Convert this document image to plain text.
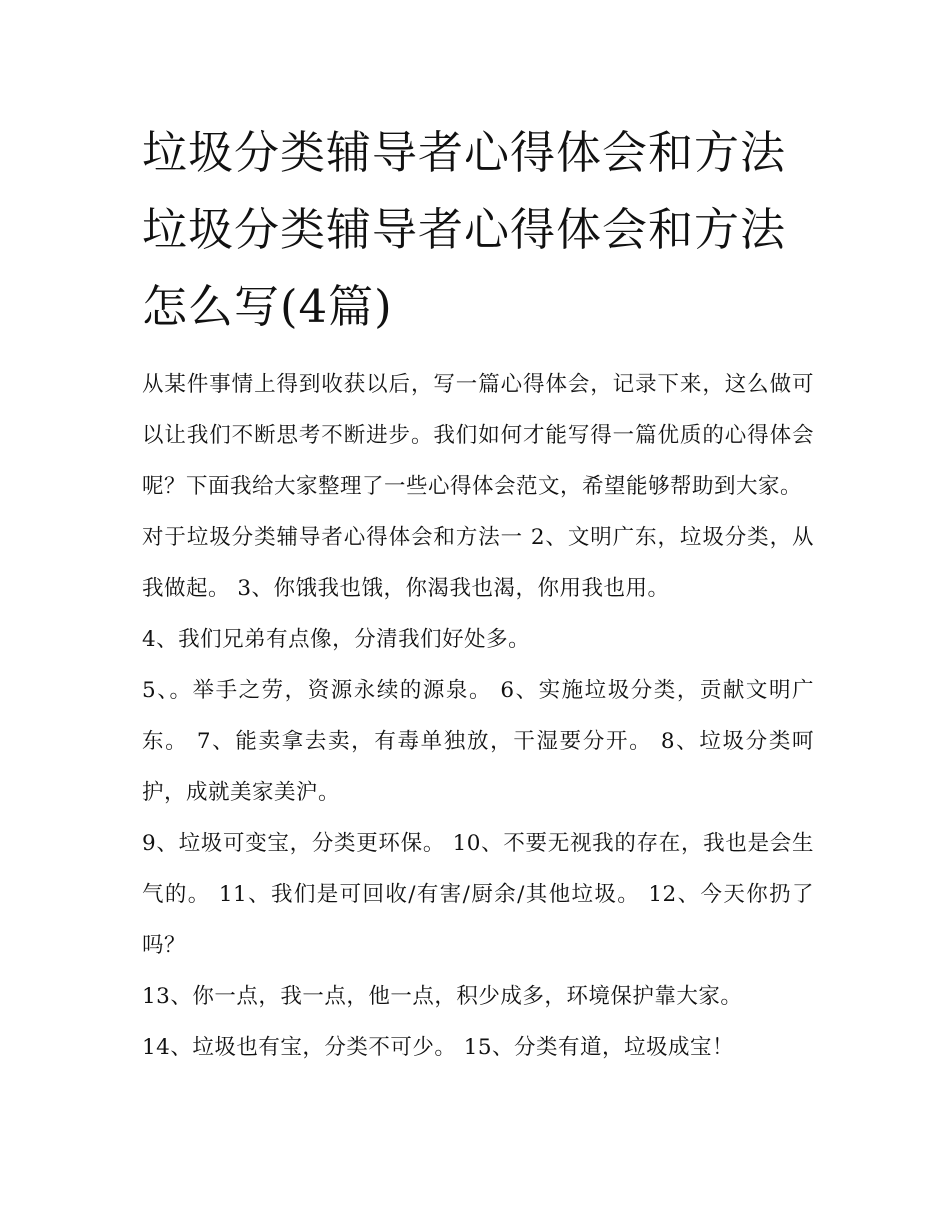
垃圾分类辅导者心得体会和方法 垃圾分类辅导者心得体会和方法怎么写(4篇)

从某件事情上得到收获以后，写一篇心得体会，记录下来，这么做可以让我们不断思考不断进步。我们如何才能写得一篇优质的心得体会呢？下面我给大家整理了一些心得体会范文，希望能够帮助到大家。

对于垃圾分类辅导者心得体会和方法一 2、文明广东，垃圾分类，从我做起。 3、你饿我也饿，你渴我也渴，你用我也用。

4、我们兄弟有点像，分清我们好处多。

5、。举手之劳，资源永续的源泉。 6、实施垃圾分类，贡献文明广东。 7、能卖拿去卖，有毒单独放，干湿要分开。 8、垃圾分类呵护，成就美家美沪。

9、垃圾可变宝，分类更环保。 10、不要无视我的存在，我也是会生气的。 11、我们是可回收/有害/厨余/其他垃圾。 12、今天你扔了吗？

13、你一点，我一点，他一点，积少成多，环境保护靠大家。

14、垃圾也有宝，分类不可少。 15、分类有道，垃圾成宝！
